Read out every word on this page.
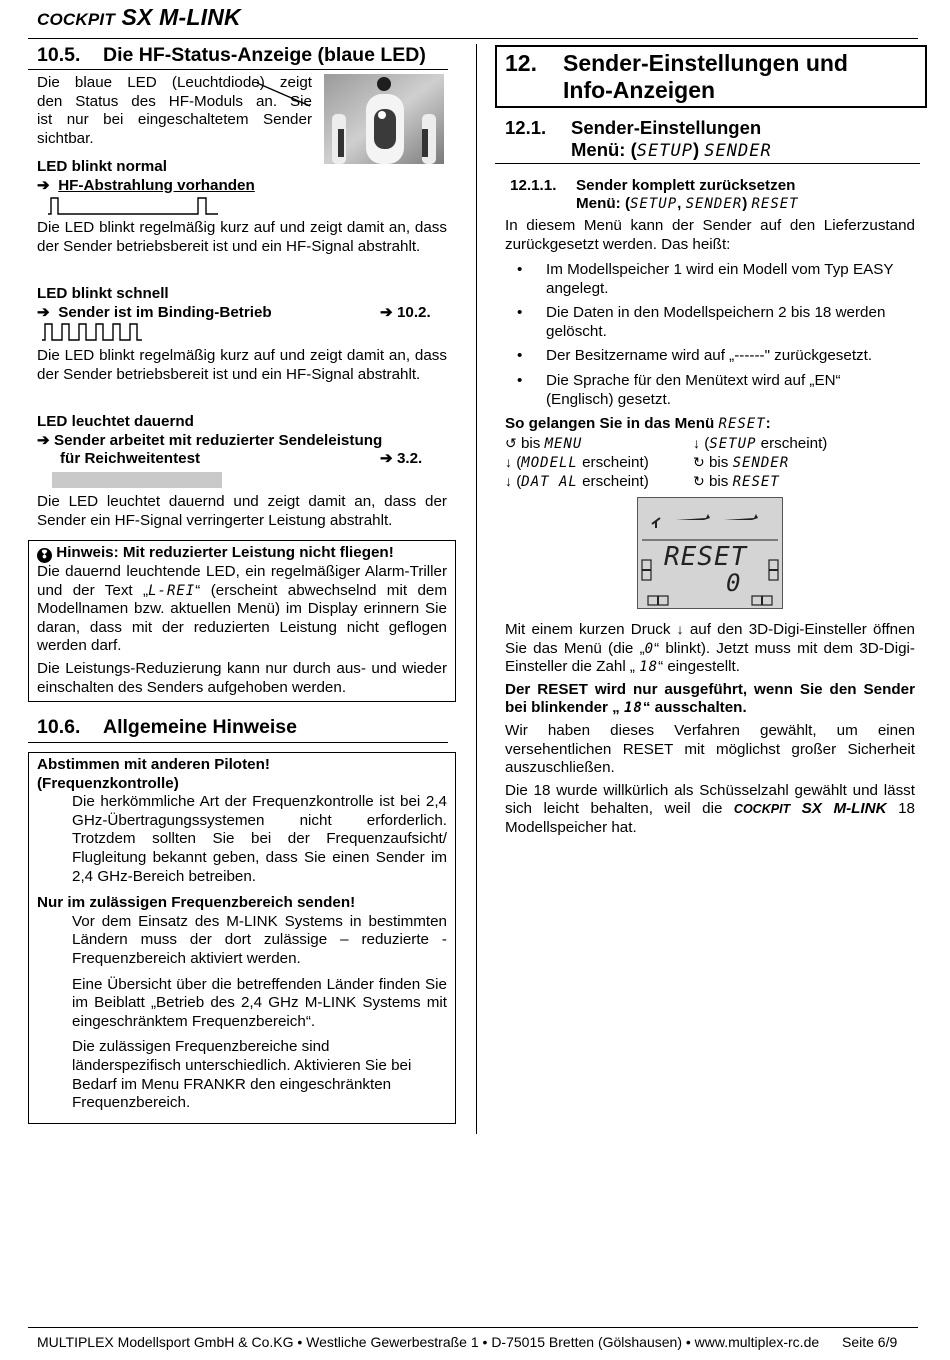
COCKPIT SX M-LINK
10.5. Die HF-Status-Anzeige (blaue LED)

Die blaue LED (Leuchtdiode) zeigt

den Status des HF-Moduls an. Sie

ist nur bei eingeschaltetem Sender

sichtbar.

LED blinkt normal

➔ HF-Abstrahlung vorhanden

Die LED blinkt regelmäßig kurz auf und zeigt damit an, dass der Sender betriebsbereit ist und ein HF-Signal abstrahlt.

LED blinkt schnell

➔ Sender ist im Binding-Betrieb	➔ 10.2.

Die LED blinkt regelmäßig kurz auf und zeigt damit an, dass der Sender betriebsbereit ist und ein HF-Signal abstrahlt.

LED leuchtet dauernd

➔ Sender arbeitet mit reduzierter Sendeleistung

für Reichweitentest	➔ 3.2.

Die LED leuchtet dauernd und zeigt damit an, dass der Sender ein HF-Signal verringerter Leistung abstrahlt.

❢ Hinweis: Mit reduzierter Leistung nicht fliegen!

Die dauernd leuchtende LED, ein regelmäßiger Alarm-Triller und der Text „L-REI“ (erscheint abwechselnd mit dem Modellnamen bzw. aktuellen Menü) im Display erinnern Sie daran, dass mit der reduzierten Leistung nicht geflogen werden darf.

Die Leistungs-Reduzierung kann nur durch aus- und wieder einschalten des Senders aufgehoben werden.

10.6. Allgemeine Hinweise

Abstimmen mit anderen Piloten!

(Frequenzkontrolle)

Die herkömmliche Art der Frequenzkontrolle ist bei 2,4 GHz-Übertragungssystemen nicht erforderlich. Trotzdem sollten Sie bei der Frequenzaufsicht/ Flugleitung bekannt geben, dass Sie einen Sender im 2,4 GHz-Bereich betreiben.

Nur im zulässigen Frequenzbereich senden!

Vor dem Einsatz des M-LINK Systems in bestimmten Ländern muss der dort zulässige – reduzierte - Frequenzbereich aktiviert werden.

Eine Übersicht über die betreffenden Länder finden Sie im Beiblatt „Betrieb des 2,4 GHz M-LINK Systems mit eingeschränktem Frequenzbereich“.

Die zulässigen Frequenzbereiche sind länderspezifisch unterschiedlich. Aktivieren Sie bei Bedarf im Menu FRANKR den eingeschränkten Frequenzbereich.

12. Sender-Einstellungen und
Info-Anzeigen
12.1. Sender-Einstellungen
Menü: (SETUP) SENDER
12.1.1. Sender komplett zurücksetzen
Menü: (SETUP, SENDER) RESET

In diesem Menü kann der Sender auf den Lieferzustand zurückgesetzt werden. Das heißt:

• Im Modellspeicher 1 wird ein Modell vom Typ EASY angelegt.
• Die Daten in den Modellspeichern 2 bis 18 werden gelöscht.
• Der Besitzername wird auf „------" zurückgesetzt.
• Die Sprache für den Menütext wird auf „EN“ (Englisch) gesetzt.

So gelangen Sie in das Menü RESET:

↺ bis MENU	↓ (SETUP erscheint)
↓ (MODELL erscheint)	↻ bis SENDER
↓ (DAT AL erscheint)	↻ bis RESET
RESET
0

Mit einem kurzen Druck ↓ auf den 3D-Digi-Einsteller öffnen Sie das Menü (die „0“ blinkt). Jetzt muss mit dem 3D-Digi-Einsteller die Zahl „ 18“ eingestellt.

Der RESET wird nur ausgeführt, wenn Sie den Sender bei blinkender „ 18“ ausschalten.

Wir haben dieses Verfahren gewählt, um einen versehentlichen RESET mit möglichst großer Sicherheit auszuschließen.

Die 18 wurde willkürlich als Schüsselzahl gewählt und lässt sich leicht behalten, weil die COCKPIT SX M-LINK 18 Modellspeicher hat.

MULTIPLEX Modellsport GmbH & Co.KG • Westliche Gewerbestraße 1 • D-75015 Bretten (Gölshausen) • www.multiplex-rc.de Seite 6/9
